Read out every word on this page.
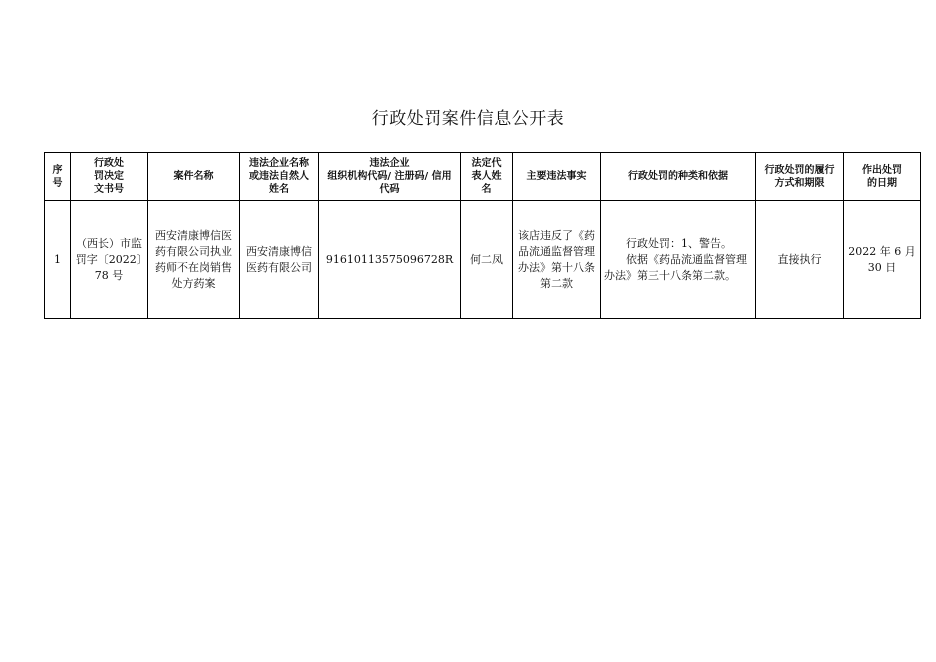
行政处罚案件信息公开表
序
号	行政处
罚决定
文书号	案件名称	违法企业名称
或违法自然人
姓名	违法企业
组织机构代码/ 注册码/ 信用
代码	法定代
表人姓
名	主要违法事实	行政处罚的种类和依据	行政处罚的履行
方式和期限	作出处罚
的日期

1	（西长）市监罚字〔2022〕78 号	西安清康博信医药有限公司执业药师不在岗销售处方药案	西安清康博信医药有限公司	91610113575096728R	何二凤	该店违反了《药品流通监督管理办法》第十八条第二款	行政处罚：1、警告。
依据《药品流通监督管理办法》第三十八条第二款。	直接执行	2022 年 6 月 30 日
